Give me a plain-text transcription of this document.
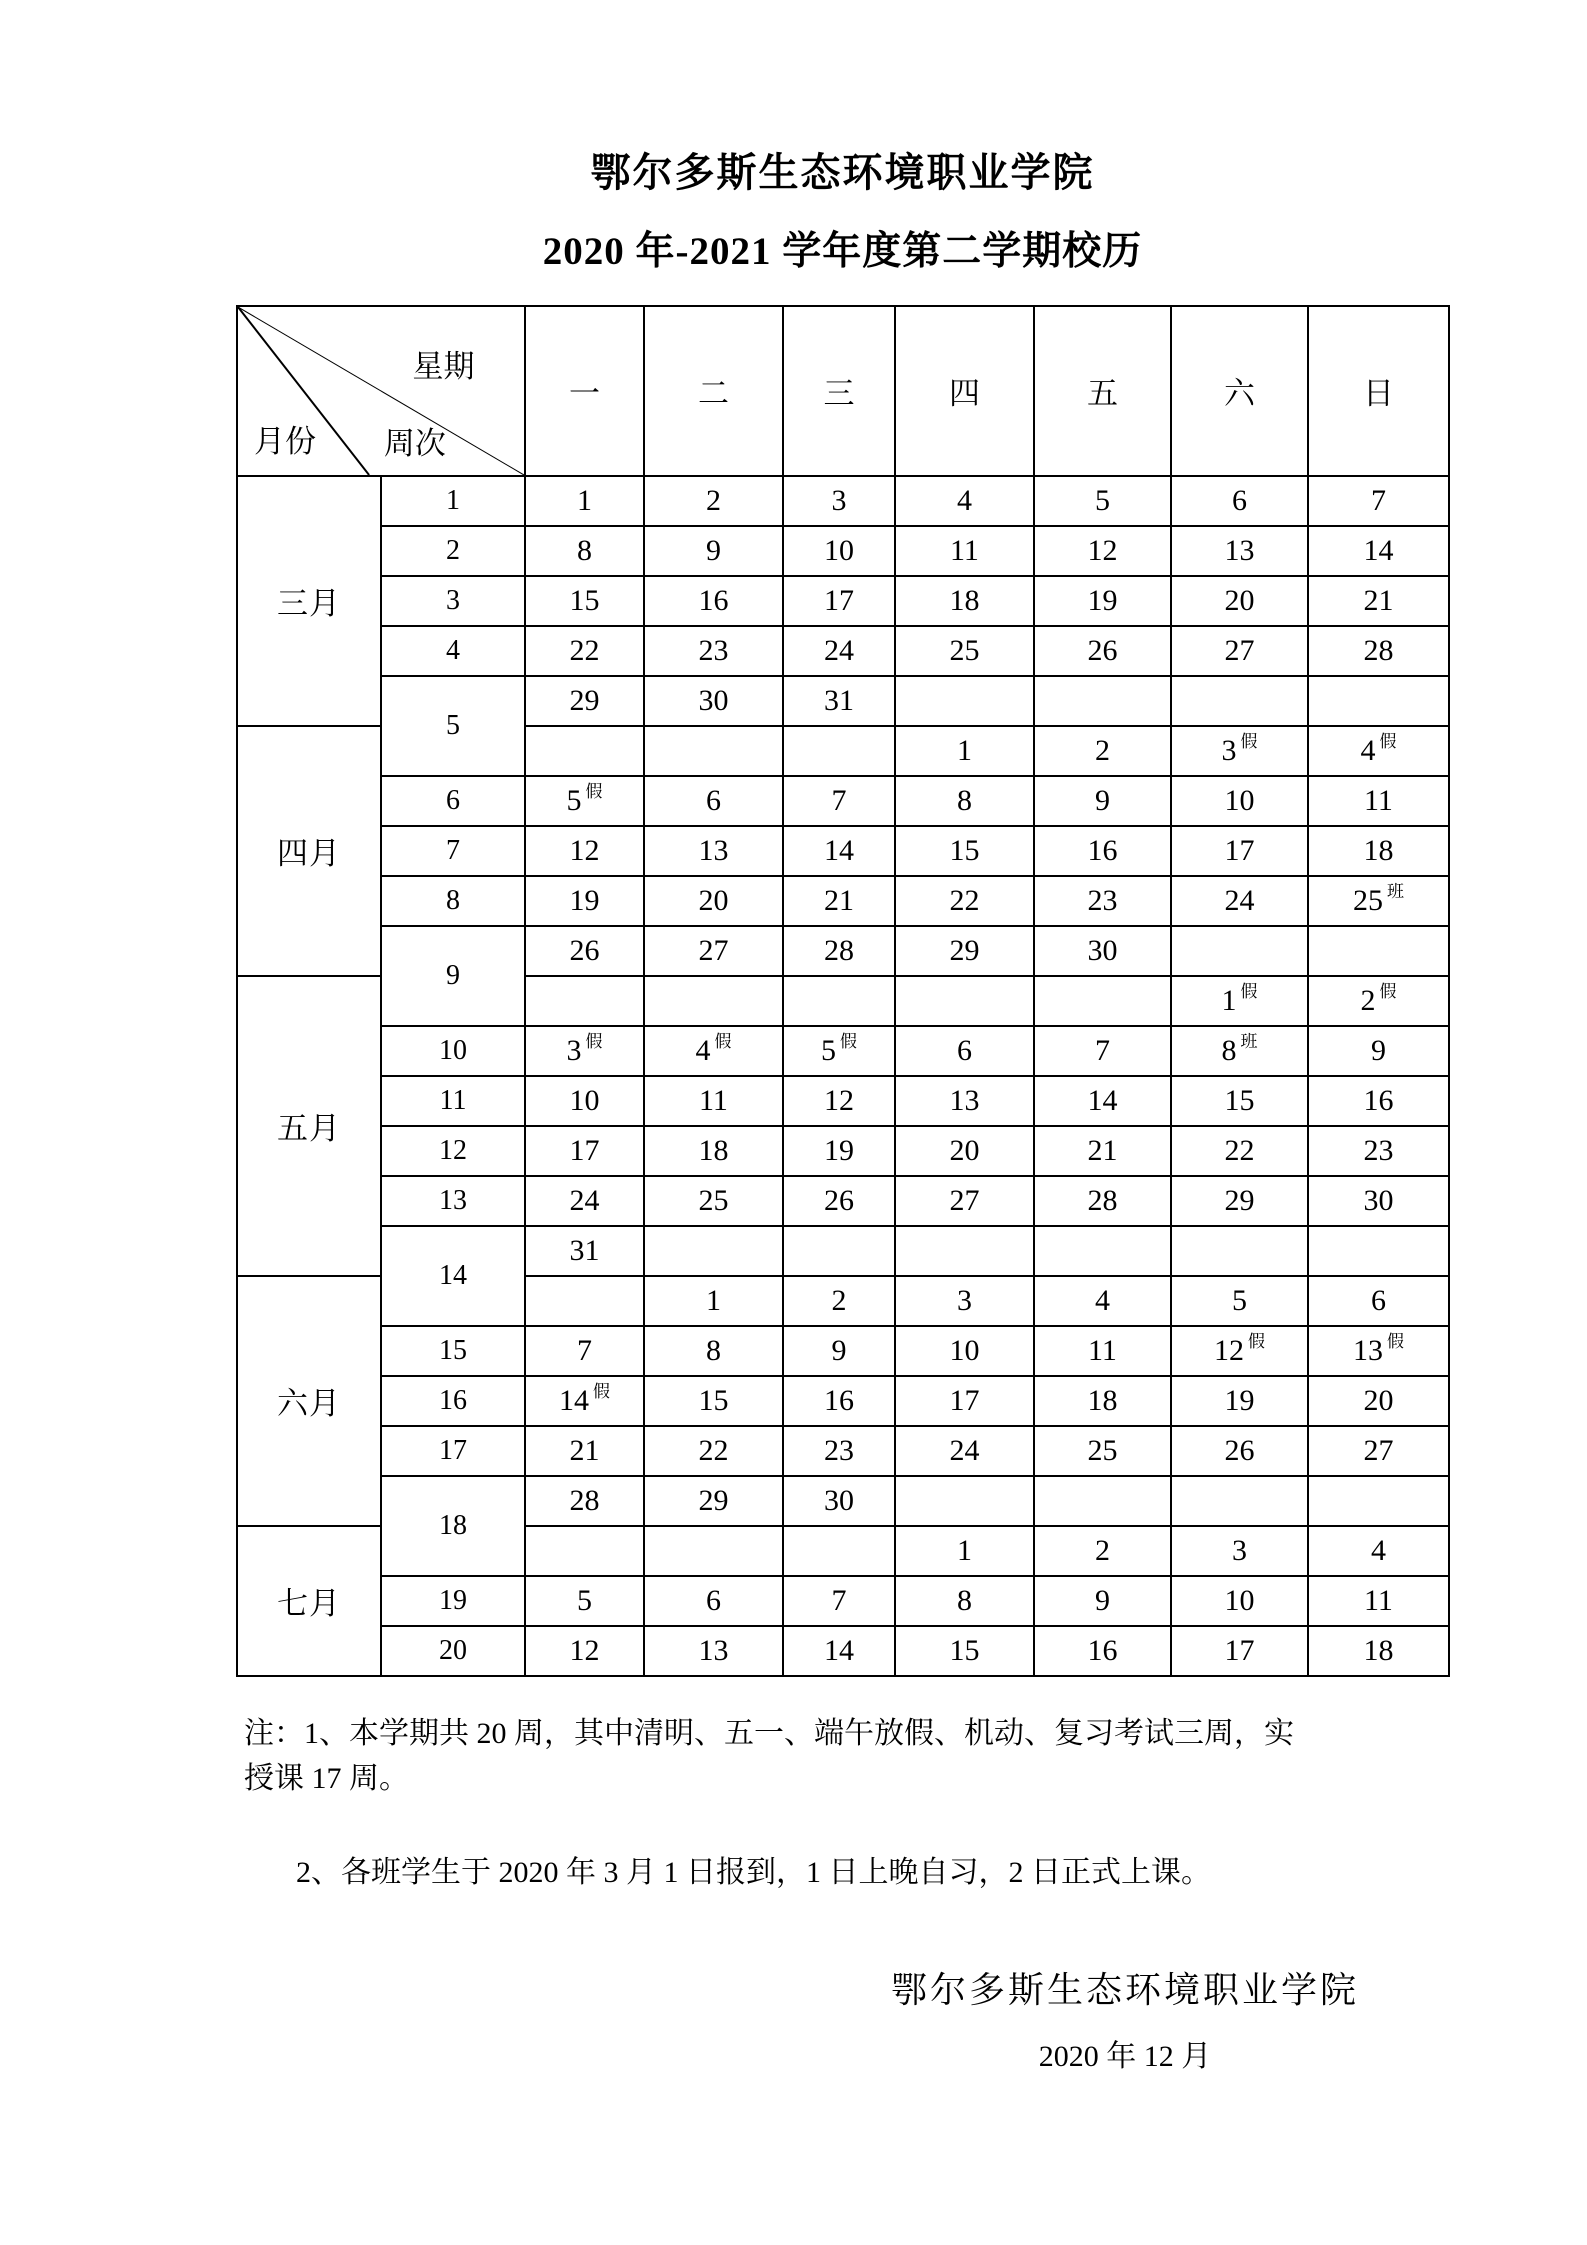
鄂尔多斯生态环境职业学院
2020 年-2021 学年度第二学期校历
星期
月份 周次		一	二	三	四	五	六	日
三月	1	1	2	3	4	5	6	7
	2	8	9	10	11	12	13	14
	3	15	16	17	18	19	20	21
	4	22	23	24	25	26	27	28
	5	29	30	31				
四月					1	2	3 $^假$	4 $^假$
	6	5 $^假$	6	7	8	9	10	11
	7	12	13	14	15	16	17	18
	8	19	20	21	22	23	24	25 $^班$
	9	26	27	28	29	30		
五月							1 $^假$	2 $^假$
	10	3 $^假$	4 $^假$	5 $^假$	6	7	8 $^班$	9
	11	10	11	12	13	14	15	16
	12	17	18	19	20	21	22	23
	13	24	25	26	27	28	29	30
	14	31						
六月			1	2	3	4	5	6
	15	7	8	9	10	11	12 $^假$	13 $^假$
	16	14 $^假$	15	16	17	18	19	20
	17	21	22	23	24	25	26	27
	18	28	29	30				
七月					1	2	3	4
	19	5	6	7	8	9	10	11
	20	12	13	14	15	16	17	18
注：1、本学期共 20 周，其中清明、五一、端午放假、机动、复习考试三周，实
授课 17 周。
2、各班学生于 2020 年 3 月 1 日报到，1 日上晚自习，2 日正式上课。
鄂尔多斯生态环境职业学院
2020 年 12 月
